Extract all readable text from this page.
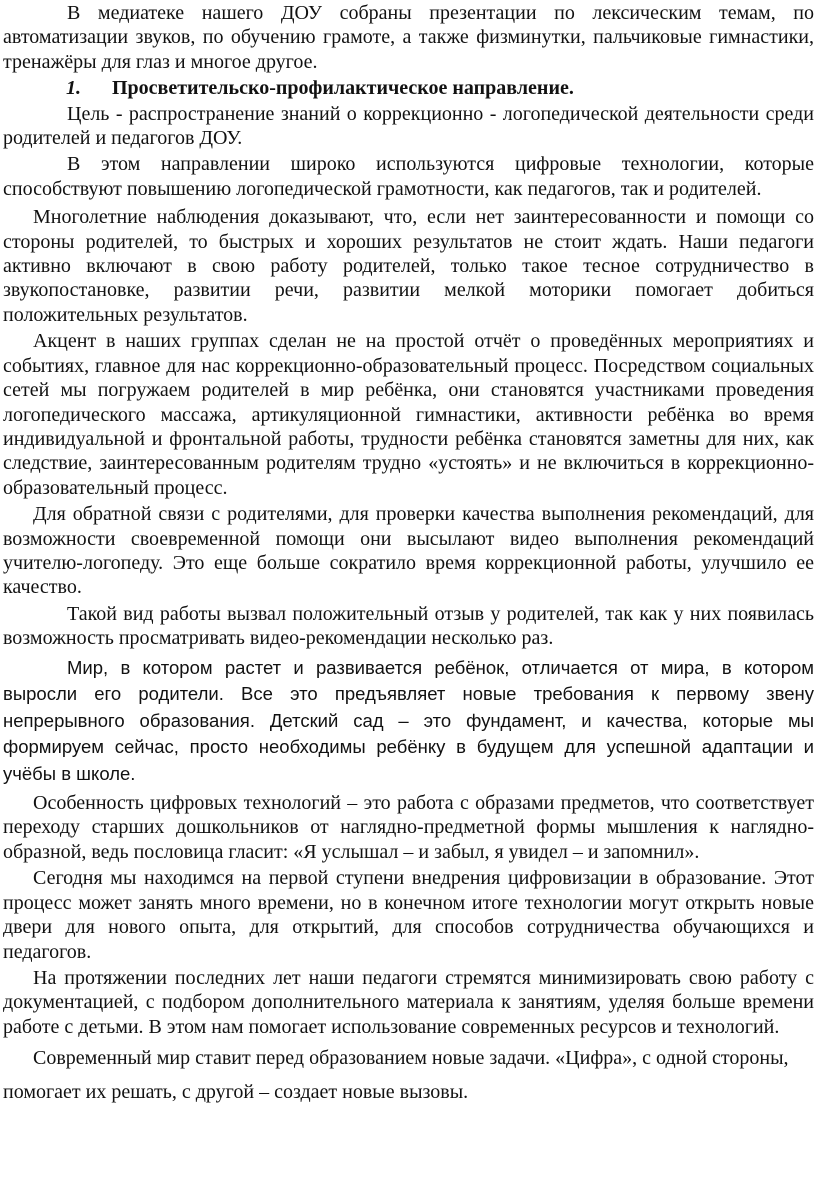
В медиатеке нашего ДОУ собраны презентации по лексическим темам, по автоматизации звуков, по обучению грамоте, а также физминутки, пальчиковые гимнастики, тренажёры для глаз и многое другое.

1. Просветительско-профилактическое направление.

Цель - распространение знаний о коррекционно - логопедической деятельности среди родителей и педагогов ДОУ.

В этом направлении широко используются цифровые технологии, которые способствуют повышению логопедической грамотности, как педагогов, так и родителей.

Многолетние наблюдения доказывают, что, если нет заинтересованности и помощи со стороны родителей, то быстрых и хороших результатов не стоит ждать. Наши педагоги активно включают в свою работу родителей, только такое тесное сотрудничество в звукопостановке, развитии речи, развитии мелкой моторики помогает добиться положительных результатов.

Акцент в наших группах сделан не на простой отчёт о проведённых мероприятиях и событиях, главное для нас коррекционно-образовательный процесс. Посредством социальных сетей мы погружаем родителей в мир ребёнка, они становятся участниками проведения логопедического массажа, артикуляционной гимнастики, активности ребёнка во время индивидуальной и фронтальной работы, трудности ребёнка становятся заметны для них, как следствие, заинтересованным родителям трудно «устоять» и не включиться в коррекционно-образовательный процесс.

Для обратной связи с родителями, для проверки качества выполнения рекомендаций, для возможности своевременной помощи они высылают видео выполнения рекомендаций учителю-логопеду. Это еще больше сократило время коррекционной работы, улучшило ее качество.

Такой вид работы вызвал положительный отзыв у родителей, так как у них появилась возможность просматривать видео-рекомендации несколько раз.

Мир, в котором растет и развивается ребёнок, отличается от мира, в котором выросли его родители. Все это предъявляет новые требования к первому звену непрерывного образования. Детский сад – это фундамент, и качества, которые мы формируем сейчас, просто необходимы ребёнку в будущем для успешной адаптации и учёбы в школе.

Особенность цифровых технологий – это работа с образами предметов, что соответствует переходу старших дошкольников от наглядно-предметной формы мышления к наглядно-образной, ведь пословица гласит: «Я услышал – и забыл, я увидел – и запомнил».

Сегодня мы находимся на первой ступени внедрения цифровизации в образование. Этот процесс может занять много времени, но в конечном итоге технологии могут открыть новые двери для нового опыта, для открытий, для способов сотрудничества обучающихся и педагогов.

На протяжении последних лет наши педагоги стремятся минимизировать свою работу с документацией, с подбором дополнительного материала к занятиям, уделяя больше времени работе с детьми. В этом нам помогает использование современных ресурсов и технологий.

Современный мир ставит перед образованием новые задачи. «Цифра», с одной стороны, помогает их решать, с другой – создает новые вызовы.
